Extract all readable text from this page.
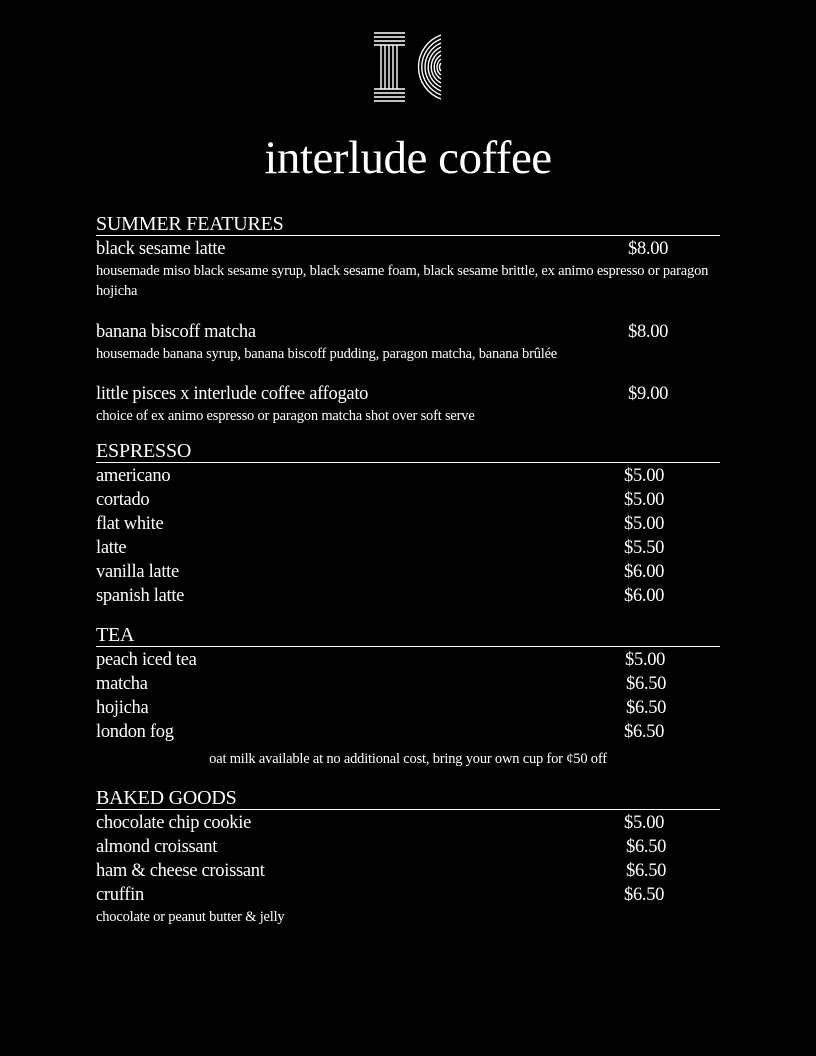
interlude coffee
SUMMER FEATURES
black sesame latte	$8.00
housemade miso black sesame syrup, black sesame foam, black sesame brittle, ex animo espresso or paragon hojicha
banana biscoff matcha	$8.00
housemade banana syrup, banana biscoff pudding, paragon matcha, banana brûlée
little pisces x interlude coffee affogato	$9.00
choice of ex animo espresso or paragon matcha shot over soft serve
ESPRESSO
americano	$5.00
cortado	$5.00
flat white	$5.00
latte	$5.50
vanilla latte	$6.00
spanish latte	$6.00
TEA
peach iced tea	$5.00
matcha	$6.50
hojicha	$6.50
london fog	$6.50
oat milk available at no additional cost, bring your own cup for ¢50 off
BAKED GOODS
chocolate chip cookie	$5.00
almond croissant	$6.50
ham & cheese croissant	$6.50
cruffin	$6.50
chocolate or peanut butter & jelly
